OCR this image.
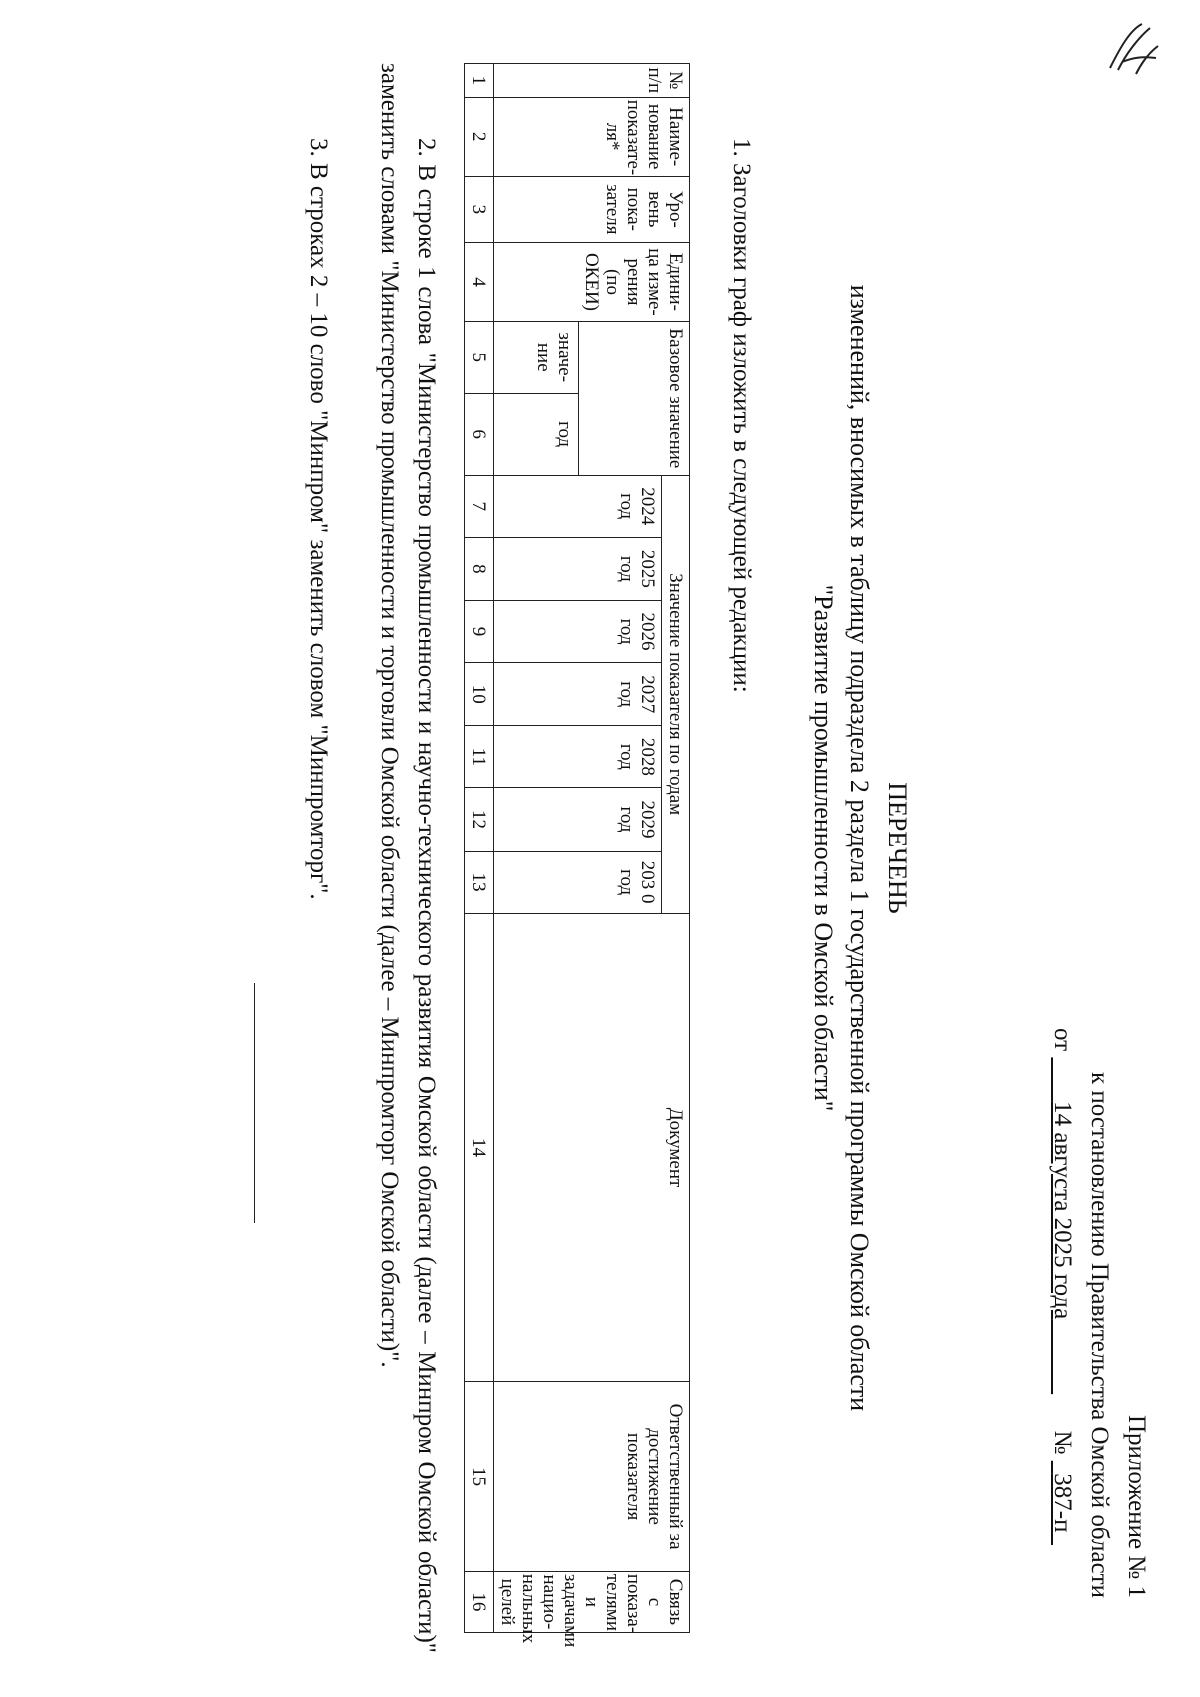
Приложение № 1
к постановлению Правительства Омской области
от        14 августа 2025 года              №   387-п
ПЕРЕЧЕНЬ
изменений, вносимых в таблицу подраздела 2 раздела 1 государственной программы Омской области
"Развитие промышленности в Омской области"
1. Заголовки граф изложить в следующей редакции:
№ п/п	Наиме- нование показате- ля*	Уро- вень пока- зателя	Едини- ца изме- рения (по ОКЕИ)	Базовое значение		Значение показателя по годам							Документ	Ответственный за достижение показателя	Связь с показа- телями и задачами нацио- нальных целей
						2024 год	2025 год	2026 год	2027 год	2028 год	2029 год	203 0 год			
				значе- ние	год										
1	2	3	4	5	6	7	8	9	10	11	12	13	14	15	16
2. В строке 1 слова "Министерство промышленности и научно-технического развития Омской области (далее – Минпром Омской области)" заменить словами "Министерство промышленности и торговли Омской области (далее – Минпромторг Омской области)".
3. В строках 2 – 10 слово "Минпром" заменить словом "Минпромторг".
